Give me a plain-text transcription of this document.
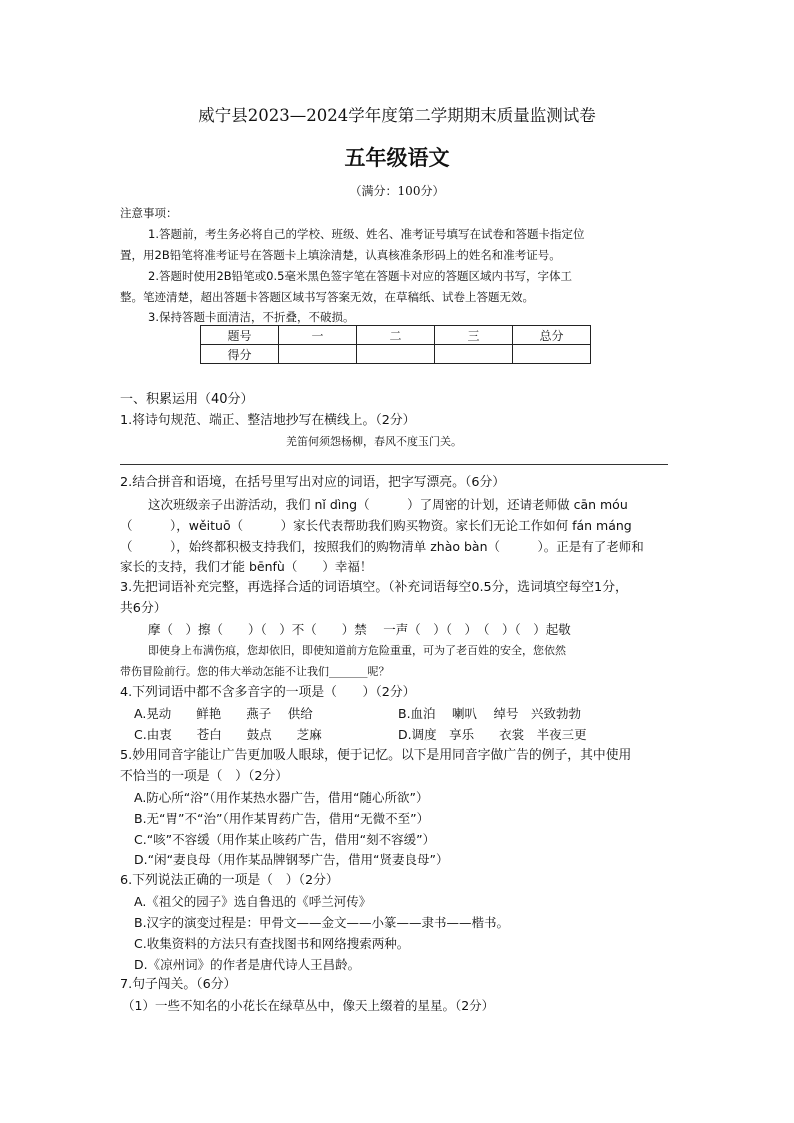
威宁县2023—2024学年度第二学期期末质量监测试卷
五年级语文
（满分：100分）
注意事项：
1.答题前，考生务必将自己的学校、班级、姓名、准考证号填写在试卷和答题卡指定位
置，用2B铅笔将准考证号在答题卡上填涂清楚，认真核准条形码上的姓名和准考证号。
2.答题时使用2B铅笔或0.5毫米黑色签字笔在答题卡对应的答题区域内书写，字体工
整。笔迹清楚，超出答题卡答题区域书写答案无效，在草稿纸、试卷上答题无效。
3.保持答题卡面清洁，不折叠，不破损。
题号	一	二	三	总分
得分				
一、积累运用（40分）
1.将诗句规范、端正、整洁地抄写在横线上。（2分）
羌笛何须怨杨柳，春风不度玉门关。
2.结合拼音和语境，在括号里写出对应的词语，把字写漂亮。（6分）
这次班级亲子出游活动，我们 nǐ dìng（　　　）了周密的计划，还请老师做 cān móu
（　　　），wěituō（　　　）家长代表帮助我们购买物资。家长们无论工作如何 fán máng
（　　　），始终都积极支持我们，按照我们的购物清单 zhào bàn（　　　）。正是有了老师和
家长的支持，我们才能 bēnfù（　　）幸福！
3.先把词语补充完整，再选择合适的词语填空。（补充词语每空0.5分，选词填空每空1分，
共6分）
摩（　）擦（　　）（　）不（　　）禁　 一声（　）（　）　（　）（　）起敬
即使身上布满伤痕，您却依旧，即使知道前方危险重重，可为了老百姓的安全，您依然
带伤冒险前行。您的伟大举动怎能不让我们_______呢？
4.下列词语中都不含多音字的一项是（　　）（2分）
A.晃动　　鲜艳　　燕子　 供给	B.血泊　 喇叭　 绰号　兴致勃勃
C.由衷　　苍白　　鼓点　　芝麻	D.调度　享乐　　衣裳　半夜三更
5.妙用同音字能让广告更加吸人眼球，便于记忆。以下是用同音字做广告的例子，其中使用
不恰当的一项是（　）（2分）
A.防心所“浴”（用作某热水器广告，借用“随心所欲”）
B.无“胃”不“治”（用作某胃药广告，借用“无微不至”）
C.“咳”不容缓（用作某止咳药广告，借用“刻不容缓”）
D.“闲“妻良母（用作某品牌钢琴广告，借用“贤妻良母”）
6.下列说法正确的一项是（　）（2分）
A.《祖父的园子》选自鲁迅的《呼兰河传》
B.汉字的演变过程是：甲骨文——金文——小篆——隶书——楷书。
C.收集资料的方法只有查找图书和网络搜索两种。
D.《凉州词》的作者是唐代诗人王昌龄。
7.句子闯关。（6分）
（1）一些不知名的小花长在绿草丛中，像天上缀着的星星。（2分）
